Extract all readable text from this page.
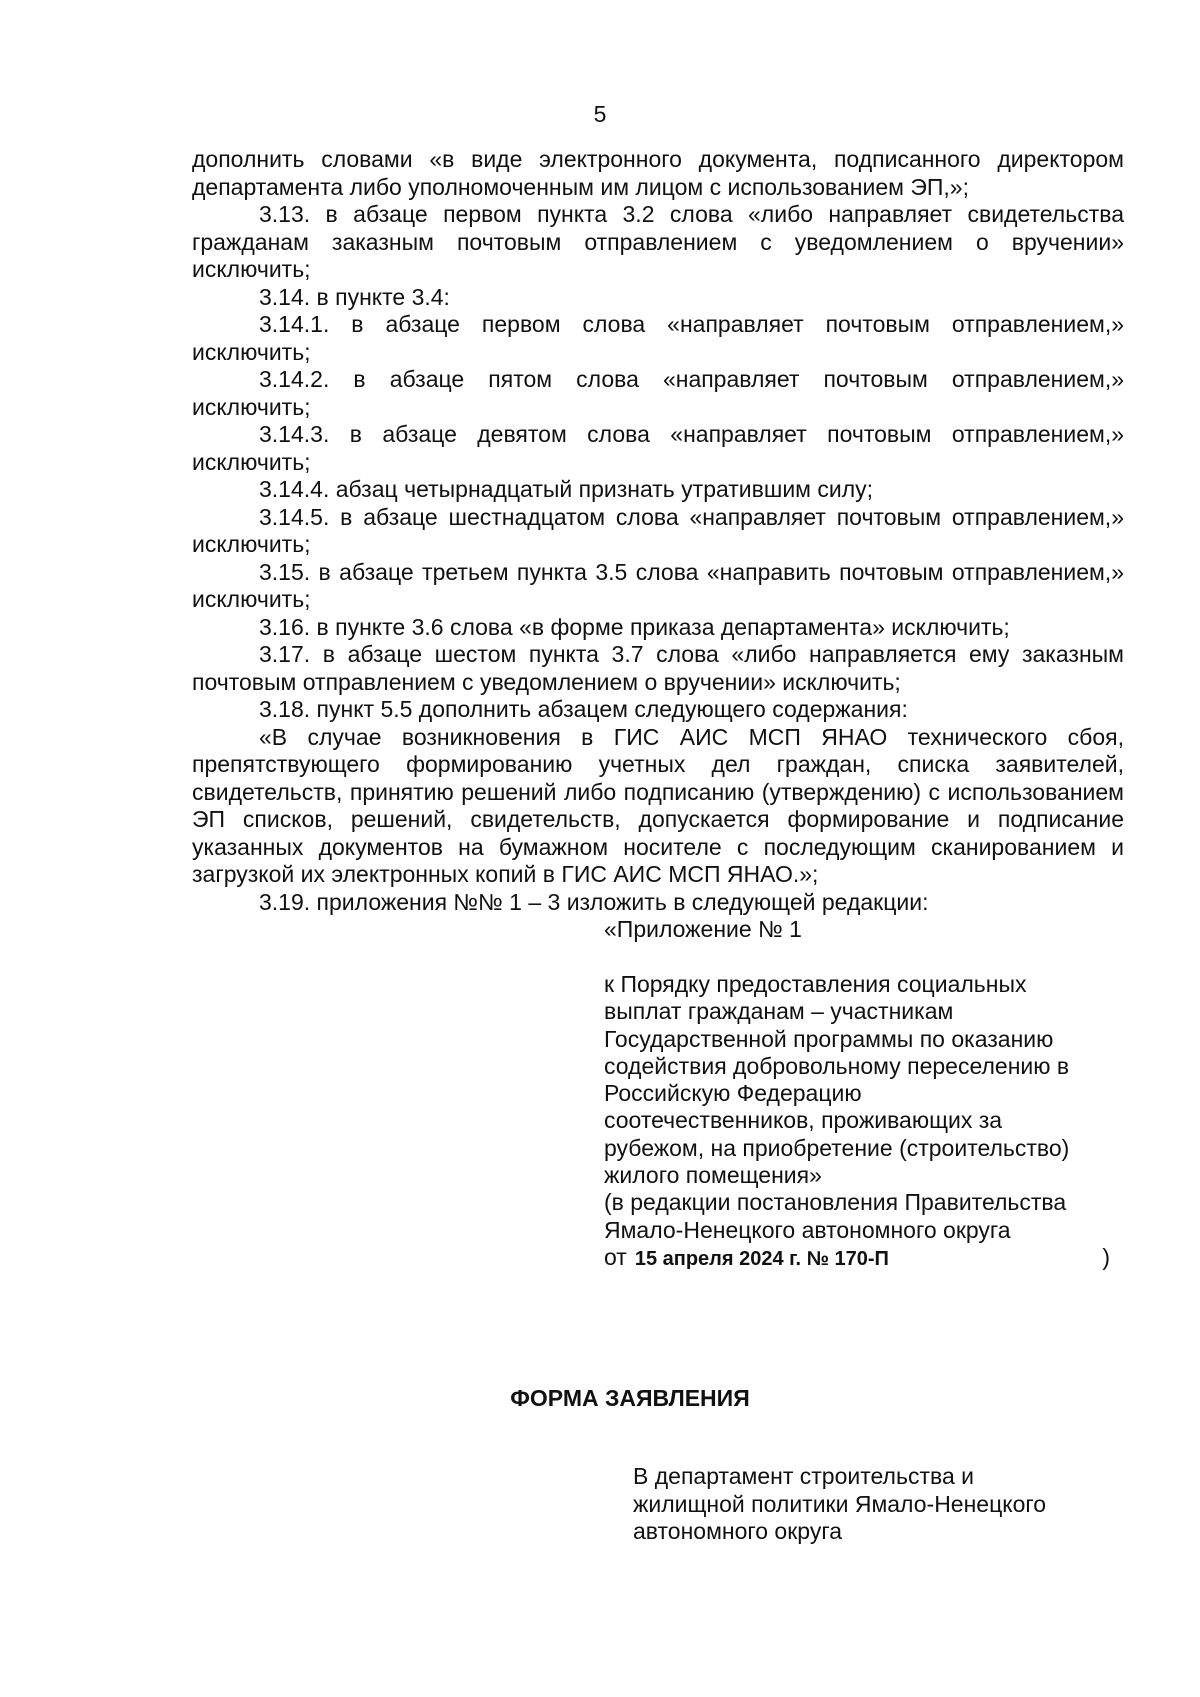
5

дополнить словами «в виде электронного документа, подписанного директором департамента либо уполномоченным им лицом с использованием ЭП,»;

3.13. в абзаце первом пункта 3.2 слова «либо направляет свидетельства гражданам заказным почтовым отправлением с уведомлением о вручении» исключить;

3.14. в пункте 3.4:

3.14.1. в абзаце первом слова «направляет почтовым отправлением,» исключить;

3.14.2. в абзаце пятом слова «направляет почтовым отправлением,» исключить;

3.14.3. в абзаце девятом слова «направляет почтовым отправлением,» исключить;

3.14.4. абзац четырнадцатый признать утратившим силу;

3.14.5. в абзаце шестнадцатом слова «направляет почтовым отправлением,» исключить;

3.15. в абзаце третьем пункта 3.5 слова «направить почтовым отправлением,» исключить;

3.16. в пункте 3.6 слова «в форме приказа департамента» исключить;

3.17. в абзаце шестом пункта 3.7 слова «либо направляется ему заказным почтовым отправлением с уведомлением о вручении» исключить;

3.18. пункт 5.5 дополнить абзацем следующего содержания:

«В случае возникновения в ГИС АИС МСП ЯНАО технического сбоя, препятствующего формированию учетных дел граждан, списка заявителей, свидетельств, принятию решений либо подписанию (утверждению) с использованием ЭП списков, решений, свидетельств, допускается формирование и подписание указанных документов на бумажном носителе с последующим сканированием и загрузкой их электронных копий в ГИС АИС МСП ЯНАО.»;

3.19. приложения №№ 1 – 3 изложить в следующей редакции:

«Приложение № 1

к Порядку предоставления социальных

выплат гражданам – участникам

Государственной программы по оказанию

содействия добровольному переселению в

Российскую Федерацию

соотечественников, проживающих за

рубежом, на приобретение (строительство)

жилого помещения»

(в редакции постановления Правительства

Ямало-Ненецкого автономного округа

от 15 апреля 2024 г. № 170-П	)
ФОРМА ЗАЯВЛЕНИЯ

В департамент строительства и

жилищной политики Ямало-Ненецкого

автономного округа
